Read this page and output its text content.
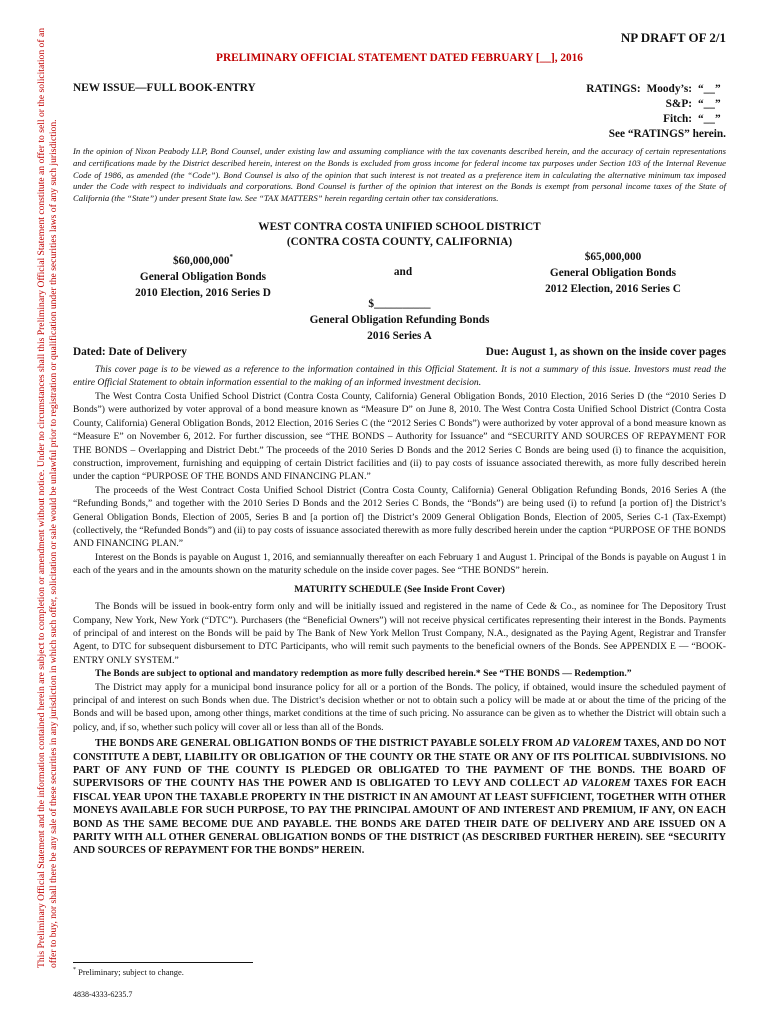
This Preliminary Official Statement and the information contained herein are subject to completion or amendment without notice. Under no circumstances shall this Preliminary Official Statement constitute an offer to sell or the solicitation of an offer to buy, nor shall there be any sale of these securities in any jurisdiction in which such offer, solicitation or sale would be unlawful prior to registration or qualification under the securities laws of any such jurisdiction.
NP DRAFT OF 2/1
PRELIMINARY OFFICIAL STATEMENT DATED FEBRUARY [__], 2016
NEW ISSUE—FULL BOOK-ENTRY	RATINGS: Moody’s: “__”
S&P: “__”
Fitch: “__”
See “RATINGS” herein.
In the opinion of Nixon Peabody LLP, Bond Counsel, under existing law and assuming compliance with the tax covenants described herein, and the accuracy of certain representations and certifications made by the District described herein, interest on the Bonds is excluded from gross income for federal income tax purposes under Section 103 of the Internal Revenue Code of 1986, as amended (the “Code”). Bond Counsel is also of the opinion that such interest is not treated as a preference item in calculating the alternative minimum tax imposed under the Code with respect to individuals and corporations. Bond Counsel is further of the opinion that interest on the Bonds is exempt from personal income taxes of the State of California (the “State”) under present State law. See “TAX MATTERS” herein regarding certain other tax considerations.
WEST CONTRA COSTA UNIFIED SCHOOL DISTRICT
(CONTRA COSTA COUNTY, CALIFORNIA)
$60,000,000*
General Obligation Bonds
2010 Election, 2016 Series D
and
$65,000,000
General Obligation Bonds
2012 Election, 2016 Series C
$__________
General Obligation Refunding Bonds
2016 Series A
Dated: Date of Delivery	Due: August 1, as shown on the inside cover pages

This cover page is to be viewed as a reference to the information contained in this Official Statement. It is not a summary of this issue. Investors must read the entire Official Statement to obtain information essential to the making of an informed investment decision.

The West Contra Costa Unified School District (Contra Costa County, California) General Obligation Bonds, 2010 Election, 2016 Series D (the “2010 Series D Bonds”) were authorized by voter approval of a bond measure known as “Measure D” on June 8, 2010. The West Contra Costa Unified School District (Contra Costa County, California) General Obligation Bonds, 2012 Election, 2016 Series C (the “2012 Series C Bonds”) were authorized by voter approval of a bond measure known as “Measure E” on November 6, 2012. For further discussion, see “THE BONDS – Authority for Issuance” and “SECURITY AND SOURCES OF REPAYMENT FOR THE BONDS – Overlapping and District Debt.” The proceeds of the 2010 Series D Bonds and the 2012 Series C Bonds are being used (i) to finance the acquisition, construction, improvement, furnishing and equipping of certain District facilities and (ii) to pay costs of issuance associated therewith, as more fully described herein under the caption “PURPOSE OF THE BONDS AND FINANCING PLAN.”

The proceeds of the West Contract Costa Unified School District (Contra Costa County, California) General Obligation Refunding Bonds, 2016 Series A (the “Refunding Bonds,” and together with the 2010 Series D Bonds and the 2012 Series C Bonds, the “Bonds”) are being used (i) to refund [a portion of] the District’s General Obligation Bonds, Election of 2005, Series B and [a portion of] the District’s 2009 General Obligation Bonds, Election of 2005, Series C-1 (Tax-Exempt) (collectively, the “Refunded Bonds”) and (ii) to pay costs of issuance associated therewith as more fully described herein under the caption “PURPOSE OF THE BONDS AND FINANCING PLAN.”

Interest on the Bonds is payable on August 1, 2016, and semiannually thereafter on each February 1 and August 1. Principal of the Bonds is payable on August 1 in each of the years and in the amounts shown on the maturity schedule on the inside cover pages. See “THE BONDS” herein.

MATURITY SCHEDULE (See Inside Front Cover)

The Bonds will be issued in book-entry form only and will be initially issued and registered in the name of Cede & Co., as nominee for The Depository Trust Company, New York, New York (“DTC”). Purchasers (the “Beneficial Owners”) will not receive physical certificates representing their interest in the Bonds. Payments of principal of and interest on the Bonds will be paid by The Bank of New York Mellon Trust Company, N.A., designated as the Paying Agent, Registrar and Transfer Agent, to DTC for subsequent disbursement to DTC Participants, who will remit such payments to the beneficial owners of the Bonds. See APPENDIX E — “BOOK-ENTRY ONLY SYSTEM.”

The Bonds are subject to optional and mandatory redemption as more fully described herein.* See “THE BONDS — Redemption.”

The District may apply for a municipal bond insurance policy for all or a portion of the Bonds. The policy, if obtained, would insure the scheduled payment of principal of and interest on such Bonds when due. The District’s decision whether or not to obtain such a policy will be made at or about the time of the pricing of the Bonds and will be based upon, among other things, market conditions at the time of such pricing. No assurance can be given as to whether the District will obtain such a policy, and, if so, whether such policy will cover all or less than all of the Bonds.

THE BONDS ARE GENERAL OBLIGATION BONDS OF THE DISTRICT PAYABLE SOLELY FROM AD VALOREM TAXES, AND DO NOT CONSTITUTE A DEBT, LIABILITY OR OBLIGATION OF THE COUNTY OR THE STATE OR ANY OF ITS POLITICAL SUBDIVISIONS. NO PART OF ANY FUND OF THE COUNTY IS PLEDGED OR OBLIGATED TO THE PAYMENT OF THE BONDS. THE BOARD OF SUPERVISORS OF THE COUNTY HAS THE POWER AND IS OBLIGATED TO LEVY AND COLLECT AD VALOREM TAXES FOR EACH FISCAL YEAR UPON THE TAXABLE PROPERTY IN THE DISTRICT IN AN AMOUNT AT LEAST SUFFICIENT, TOGETHER WITH OTHER MONEYS AVAILABLE FOR SUCH PURPOSE, TO PAY THE PRINCIPAL AMOUNT OF AND INTEREST AND PREMIUM, IF ANY, ON EACH BOND AS THE SAME BECOME DUE AND PAYABLE. THE BONDS ARE DATED THEIR DATE OF DELIVERY AND ARE ISSUED ON A PARITY WITH ALL OTHER GENERAL OBLIGATION BONDS OF THE DISTRICT (AS DESCRIBED FURTHER HEREIN). SEE “SECURITY AND SOURCES OF REPAYMENT FOR THE BONDS” HEREIN.

* Preliminary; subject to change.
4838-4333-6235.7
